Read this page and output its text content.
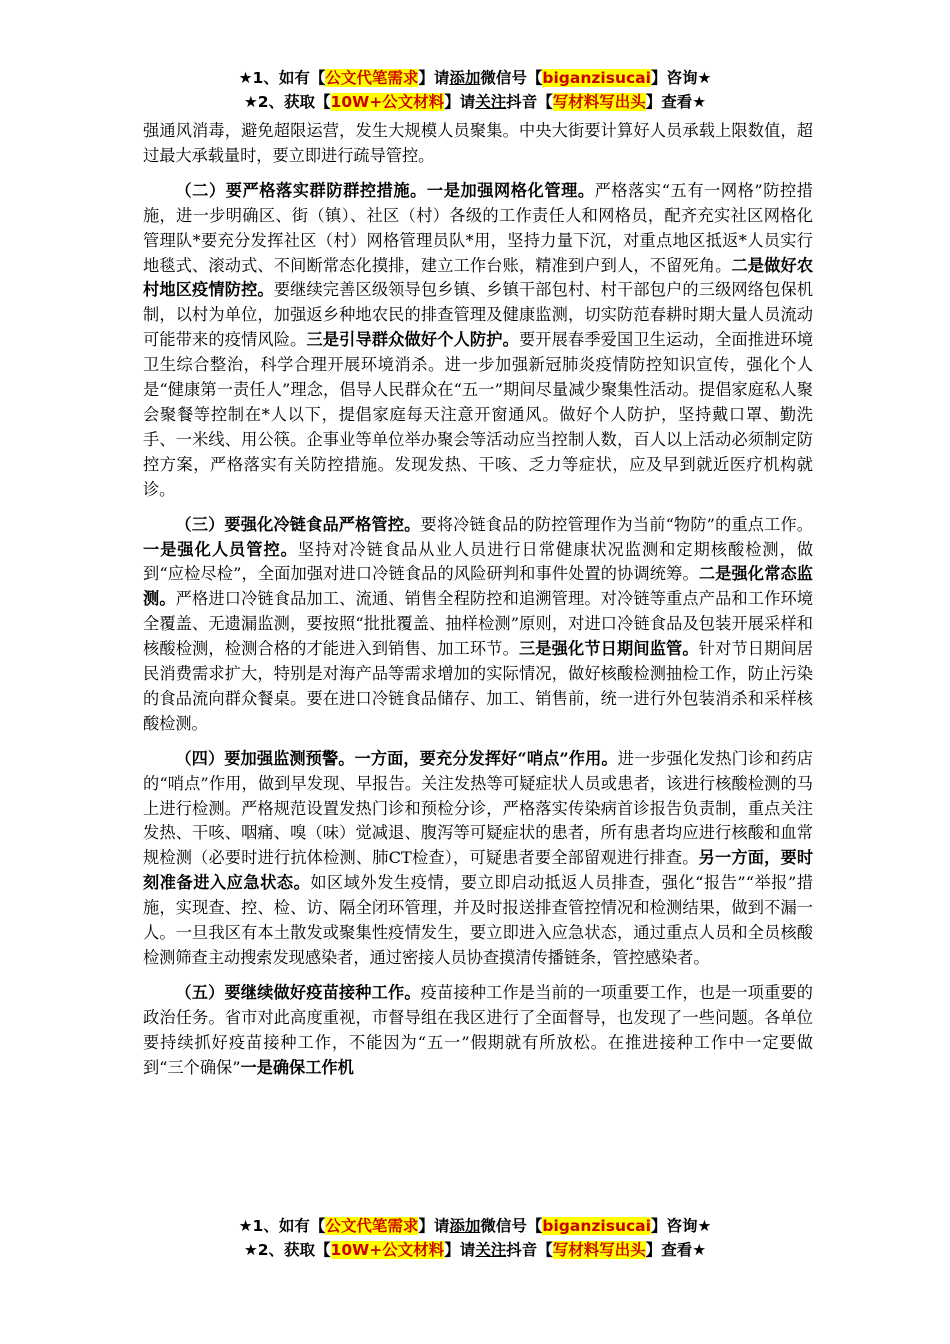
★1、如有【公文代笔需求】请添加微信号【biganzisucai】咨询★
★2、获取【10W+公文材料】请关注抖音【写材料写出头】查看★

强通风消毒，避免超限运营，发生大规模人员聚集。中央大街要计算好人员承载上限数值，超过最大承载量时，要立即进行疏导管控。

（二）要严格落实群防群控措施。一是加强网格化管理。严格落实“五有一网格”防控措施，进一步明确区、街（镇）、社区（村）各级的工作责任人和网格员，配齐充实社区网格化管理队*要充分发挥社区（村）网格管理员队*用，坚持力量下沉，对重点地区抵返*人员实行地毯式、滚动式、不间断常态化摸排，建立工作台账，精准到户到人，不留死角。二是做好农村地区疫情防控。要继续完善区级领导包乡镇、乡镇干部包村、村干部包户的三级网络包保机制，以村为单位，加强返乡种地农民的排查管理及健康监测，切实防范春耕时期大量人员流动可能带来的疫情风险。三是引导群众做好个人防护。要开展春季爱国卫生运动，全面推进环境卫生综合整治，科学合理开展环境消杀。进一步加强新冠肺炎疫情防控知识宣传，强化个人是“健康第一责任人”理念，倡导人民群众在“五一”期间尽量减少聚集性活动。提倡家庭私人聚会聚餐等控制在*人以下，提倡家庭每天注意开窗通风。做好个人防护，坚持戴口罩、勤洗手、一米线、用公筷。企事业等单位举办聚会等活动应当控制人数，百人以上活动必须制定防控方案，严格落实有关防控措施。发现发热、干咳、乏力等症状，应及早到就近医疗机构就诊。

（三）要强化冷链食品严格管控。要将冷链食品的防控管理作为当前“物防”的重点工作。一是强化人员管控。坚持对冷链食品从业人员进行日常健康状况监测和定期核酸检测，做到“应检尽检”，全面加强对进口冷链食品的风险研判和事件处置的协调统筹。二是强化常态监测。严格进口冷链食品加工、流通、销售全程防控和追溯管理。对冷链等重点产品和工作环境全覆盖、无遗漏监测，要按照“批批覆盖、抽样检测”原则，对进口冷链食品及包装开展采样和核酸检测，检测合格的才能进入到销售、加工环节。三是强化节日期间监管。针对节日期间居民消费需求扩大，特别是对海产品等需求增加的实际情况，做好核酸检测抽检工作，防止污染的食品流向群众餐桌。要在进口冷链食品储存、加工、销售前，统一进行外包装消杀和采样核酸检测。

（四）要加强监测预警。一方面，要充分发挥好“哨点”作用。进一步强化发热门诊和药店的“哨点”作用，做到早发现、早报告。关注发热等可疑症状人员或患者，该进行核酸检测的马上进行检测。严格规范设置发热门诊和预检分诊，严格落实传染病首诊报告负责制，重点关注发热、干咳、咽痛、嗅（味）觉减退、腹泻等可疑症状的患者，所有患者均应进行核酸和血常规检测（必要时进行抗体检测、肺CT检查），可疑患者要全部留观进行排查。另一方面，要时刻准备进入应急状态。如区域外发生疫情，要立即启动抵返人员排查，强化“报告”“举报”措施，实现查、控、检、访、隔全闭环管理，并及时报送排查管控情况和检测结果，做到不漏一人。一旦我区有本土散发或聚集性疫情发生，要立即进入应急状态，通过重点人员和全员核酸检测筛查主动搜索发现感染者，通过密接人员协查摸清传播链条，管控感染者。

（五）要继续做好疫苗接种工作。疫苗接种工作是当前的一项重要工作，也是一项重要的政治任务。省市对此高度重视，市督导组在我区进行了全面督导，也发现了一些问题。各单位要持续抓好疫苗接种工作，不能因为“五一”假期就有所放松。在推进接种工作中一定要做到“三个确保”一是确保工作机

★1、如有【公文代笔需求】请添加微信号【biganzisucai】咨询★
★2、获取【10W+公文材料】请关注抖音【写材料写出头】查看★
